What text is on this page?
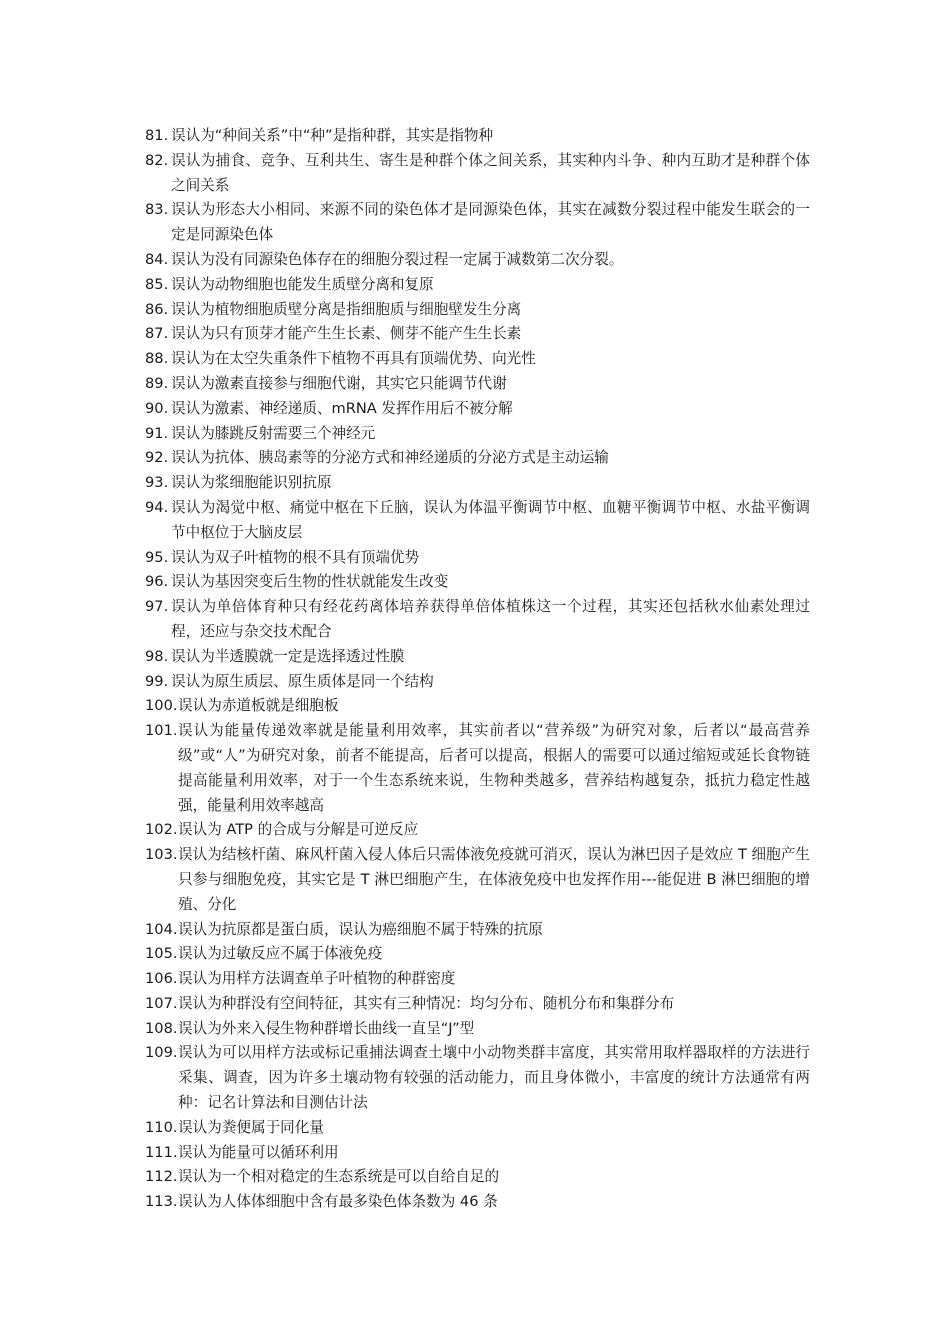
81. 误认为“种间关系”中“种”是指种群，其实是指物种
82. 误认为捕食、竞争、互利共生、寄生是种群个体之间关系，其实种内斗争、种内互助才是种群个体之间关系
83. 误认为形态大小相同、来源不同的染色体才是同源染色体，其实在减数分裂过程中能发生联会的一定是同源染色体
84. 误认为没有同源染色体存在的细胞分裂过程一定属于减数第二次分裂。
85. 误认为动物细胞也能发生质壁分离和复原
86. 误认为植物细胞质壁分离是指细胞质与细胞壁发生分离
87. 误认为只有顶芽才能产生生长素、侧芽不能产生生长素
88. 误认为在太空失重条件下植物不再具有顶端优势、向光性
89. 误认为激素直接参与细胞代谢，其实它只能调节代谢
90. 误认为激素、神经递质、mRNA 发挥作用后不被分解
91. 误认为膝跳反射需要三个神经元
92. 误认为抗体、胰岛素等的分泌方式和神经递质的分泌方式是主动运输
93. 误认为浆细胞能识别抗原
94. 误认为渴觉中枢、痛觉中枢在下丘脑，误认为体温平衡调节中枢、血糖平衡调节中枢、水盐平衡调节中枢位于大脑皮层
95. 误认为双子叶植物的根不具有顶端优势
96. 误认为基因突变后生物的性状就能发生改变
97. 误认为单倍体育种只有经花药离体培养获得单倍体植株这一个过程，其实还包括秋水仙素处理过程，还应与杂交技术配合
98. 误认为半透膜就一定是选择透过性膜
99. 误认为原生质层、原生质体是同一个结构
100. 误认为赤道板就是细胞板
101. 误认为能量传递效率就是能量利用效率，其实前者以“营养级”为研究对象，后者以“最高营养级”或“人”为研究对象，前者不能提高，后者可以提高，根据人的需要可以通过缩短或延长食物链提高能量利用效率，对于一个生态系统来说，生物种类越多，营养结构越复杂，抵抗力稳定性越强，能量利用效率越高
102. 误认为 ATP 的合成与分解是可逆反应
103. 误认为结核杆菌、麻风杆菌入侵人体后只需体液免疫就可消灭，误认为淋巴因子是效应 T 细胞产生只参与细胞免疫，其实它是 T 淋巴细胞产生，在体液免疫中也发挥作用---能促进 B 淋巴细胞的增殖、分化
104. 误认为抗原都是蛋白质，误认为癌细胞不属于特殊的抗原
105. 误认为过敏反应不属于体液免疫
106. 误认为用样方法调查单子叶植物的种群密度
107. 误认为种群没有空间特征，其实有三种情况：均匀分布、随机分布和集群分布
108. 误认为外来入侵生物种群增长曲线一直呈“J”型
109. 误认为可以用样方法或标记重捕法调查土壤中小动物类群丰富度，其实常用取样器取样的方法进行采集、调查，因为许多土壤动物有较强的活动能力，而且身体微小，丰富度的统计方法通常有两种：记名计算法和目测估计法
110. 误认为粪便属于同化量
111. 误认为能量可以循环利用
112. 误认为一个相对稳定的生态系统是可以自给自足的
113. 误认为人体体细胞中含有最多染色体条数为 46 条
